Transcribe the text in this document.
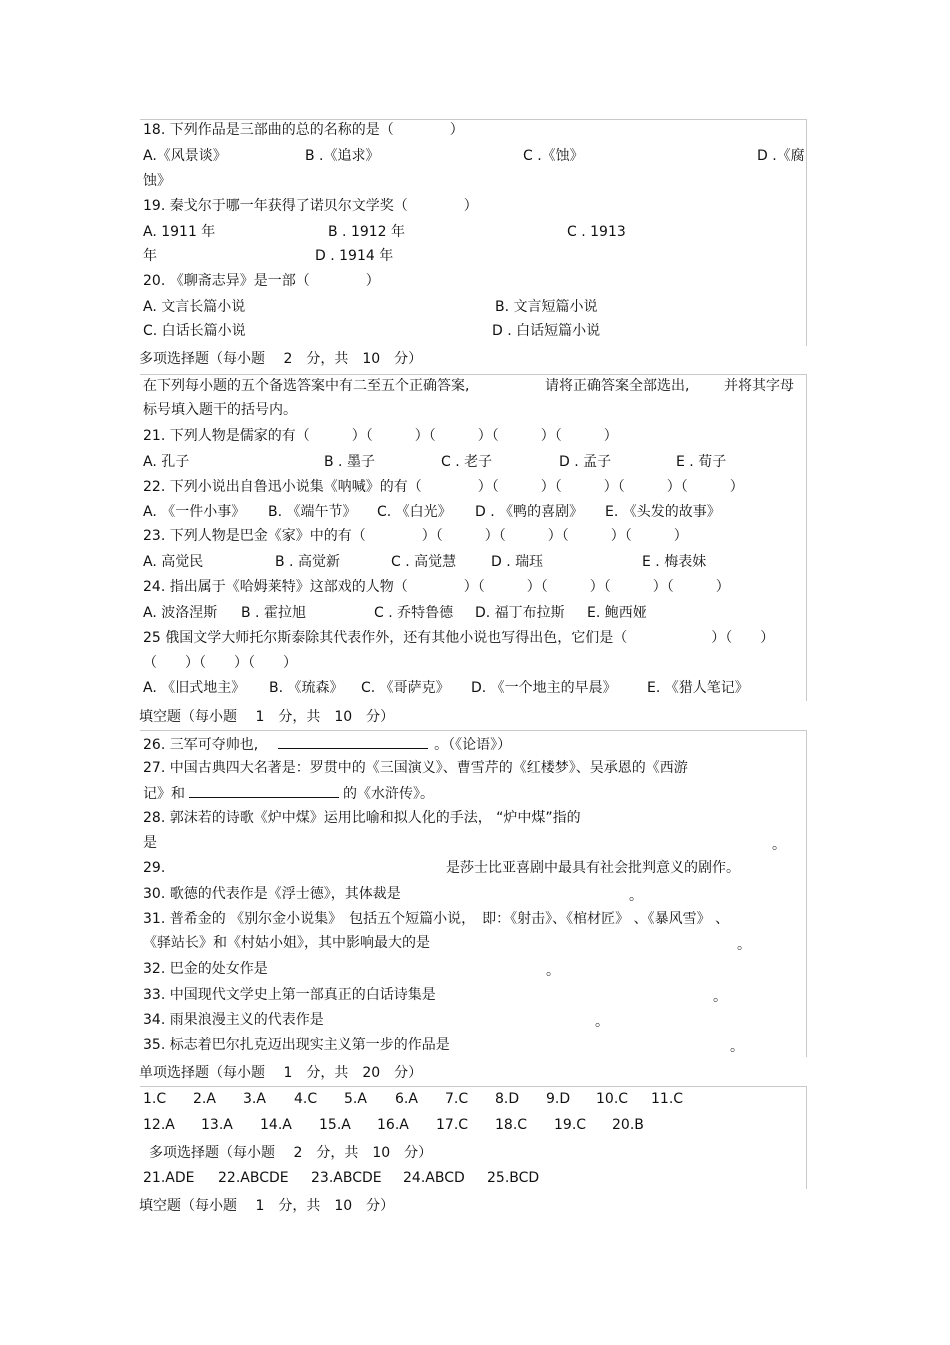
18. 下列作品是三部曲的总的名称的是（　　　　）
A.《风景谈》	B .《追求》	C .《蚀》	D .《腐
蚀》
19. 秦戈尔于哪一年获得了诺贝尔文学奖（　　　　）
A. 1911 年	B . 1912 年	C . 1913
年	D . 1914 年
20. 《聊斋志异》是一部（　　　　）
A. 文言长篇小说	B. 文言短篇小说
C. 白话长篇小说	D . 白话短篇小说
多项选择题（每小题　 2　分，共　10　分）
在下列每小题的五个备选答案中有二至五个正确答案,	请将正确答案全部选出, 并将其字母
标号填入题干的括号内。
21. 下列人物是儒家的有（　　　）（　　　）（　　　）（　　　）（　　　）
A. 孔子	B . 墨子	C . 老子	D . 孟子	E . 荀子
22. 下列小说出自鲁迅小说集《呐喊》的有（　　　　）（　　　）（　　　）（　　　）（　　　）
A. 《一件小事》 B. 《端午节》 C. 《白光》 D . 《鸭的喜剧》 E. 《头发的故事》
23. 下列人物是巴金《家》中的有（　　　　）（　　　）（　　　）（　　　）（　　　）
A. 高觉民	B . 高觉新	C . 高觉慧 D . 瑞珏	E . 梅表妹
24. 指出属于《哈姆莱特》这部戏的人物（　　　　）（　　　）（　　　）（　　　）（　　　）
A. 波洛涅斯 B . 霍拉旭	C . 乔特鲁德 D. 福丁布拉斯 E. 鲍西娅
25 俄国文学大师托尔斯泰除其代表作外，还有其他小说也写得出色，它们是（　　　　　　）（　　）
（　　）（　　）（　　）
A. 《旧式地主》 B. 《琉森》 C. 《哥萨克》 D. 《一个地主的早晨》 E. 《猎人笔记》
填空题（每小题　 1　分，共　10　分）
26. 三军可夺帅也,	。（《论语》）
27. 中国古典四大名著是：罗贯中的《三国演义》、曹雪芹的《红楼梦》、吴承恩的《西游
记》和	的《水浒传》。
28. 郭沫若的诗歌《炉中煤》运用比喻和拟人化的手法， “炉中煤”指的
是	。
29.	是莎士比亚喜剧中最具有社会批判意义的剧作。
30. 歌德的代表作是《浮士德》，其体裁是	。
31. 普希金的 《别尔金小说集》　包括五个短篇小说，　即：《射击》、《棺材匠》 、《暴风雪》 、
《驿站长》和《村姑小姐》，其中影响最大的是	。
32. 巴金的处女作是	。
33. 中国现代文学史上第一部真正的白话诗集是	。
34. 雨果浪漫主义的代表作是	。
35. 标志着巴尔扎克迈出现实主义第一步的作品是	。
单项选择题（每小题　 1　分，共　20　分）
1.C 2.A 3.A 4.C 5.A 6.A 7.C 8.D 9.D 10.C 11.C
12.A 13.A 14.A 15.A 16.A 17.C 18.C 19.C 20.B
多项选择题（每小题　 2　分，共　10　分）
21.ADE 22.ABCDE 23.ABCDE 24.ABCD 25.BCD
填空题（每小题　 1　分，共　10　分）
